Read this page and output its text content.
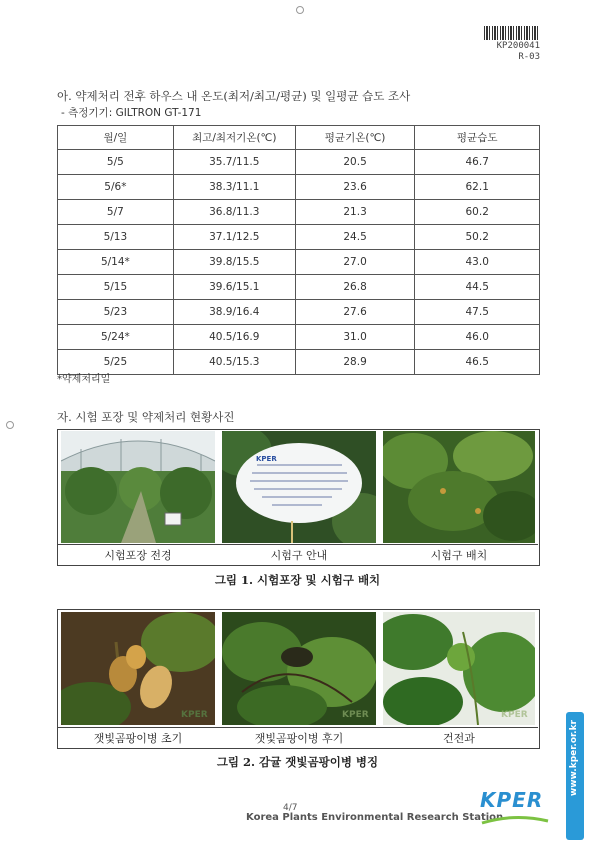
KP200041
R-03
아. 약제처리 전후 하우스 내 온도(최저/최고/평균) 및 일평균 습도 조사
- 측정기기: GILTRON GT-171
월/일	최고/최저기온(℃)	평균기온(℃)	평균습도
5/5	35.7/11.5	20.5	46.7
5/6*	38.3/11.1	23.6	62.1
5/7	36.8/11.3	21.3	60.2
5/13	37.1/12.5	24.5	50.2
5/14*	39.8/15.5	27.0	43.0
5/15	39.6/15.1	26.8	44.5
5/23	38.9/16.4	27.6	47.5
5/24*	40.5/16.9	31.0	46.0
5/25	40.5/15.3	28.9	46.5
*약제처리일
자. 시험 포장 및 약제처리 현황사진
KPER
시험포장 전경	시험구 안내	시험구 배치
그림 1. 시험포장 및 시험구 배치
KPER	KPER	KPER
잿빛곰팡이병 초기	잿빛곰팡이병 후기	건전과
그림 2. 감귤 잿빛곰팡이병 병징
4/7
Korea Plants Environmental Research Station
KPER
www.kper.or.kr
